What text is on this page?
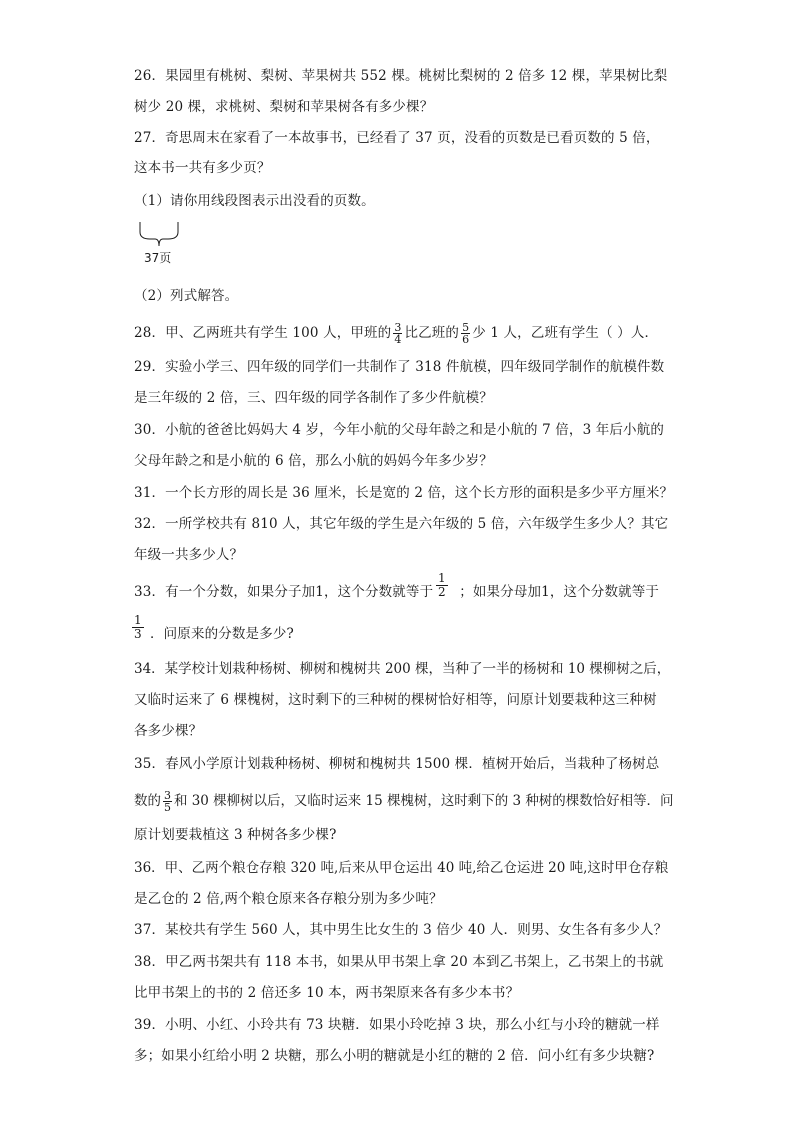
26．果园里有桃树、梨树、苹果树共 552 棵。桃树比梨树的 2 倍多 12 棵，苹果树比梨
树少 20 棵，求桃树、梨树和苹果树各有多少棵？
27．奇思周末在家看了一本故事书，已经看了 37 页，没看的页数是已看页数的 5 倍，
这本书一共有多少页？
（1）请你用线段图表示出没看的页数。
37页
（2）列式解答。
28．甲、乙两班共有学生 100 人，甲班的 $\frac{3}{4}$ 比乙班的 $\frac{5}{6}$ 少 1 人，乙班有学生（ ）人．
29．实验小学三、四年级的同学们一共制作了 318 件航模，四年级同学制作的航模件数
是三年级的 2 倍，三、四年级的同学各制作了多少件航模？
30．小航的爸爸比妈妈大 4 岁，今年小航的父母年龄之和是小航的 7 倍，3 年后小航的
父母年龄之和是小航的 6 倍，那么小航的妈妈今年多少岁？
31．一个长方形的周长是 36 厘米，长是宽的 2 倍，这个长方形的面积是多少平方厘米？
32．一所学校共有 810 人，其它年级的学生是六年级的 5 倍，六年级学生多少人？其它
年级一共多少人？
33．有一个分数，如果分子加1，这个分数就等于 ；如果分母加1，这个分数就等于
$\frac{1}{2}$
$\frac{1}{3}$ ．问原来的分数是多少?
34．某学校计划栽种杨树、柳树和槐树共 200 棵，当种了一半的杨树和 10 棵柳树之后，
又临时运来了 6 棵槐树，这时剩下的三种树的棵树恰好相等，问原计划要栽种这三种树
各多少棵？
35．春风小学原计划栽种杨树、柳树和槐树共 1500 棵．植树开始后，当栽种了杨树总
数的 $\frac{3}{5}$ 和 30 棵柳树以后，又临时运来 15 棵槐树，这时剩下的 3 种树的棵数恰好相等．问
原计划要栽植这 3 种树各多少棵?
36．甲、乙两个粮仓存粮 320 吨,后来从甲仓运出 40 吨,给乙仓运进 20 吨,这时甲仓存粮
是乙仓的 2 倍,两个粮仓原来各存粮分别为多少吨？
37．某校共有学生 560 人，其中男生比女生的 3 倍少 40 人．则男、女生各有多少人？
38．甲乙两书架共有 118 本书，如果从甲书架上拿 20 本到乙书架上，乙书架上的书就
比甲书架上的书的 2 倍还多 10 本，两书架原来各有多少本书？
39．小明、小红、小玲共有 73 块糖．如果小玲吃掉 3 块，那么小红与小玲的糖就一样
多；如果小红给小明 2 块糖，那么小明的糖就是小红的糖的 2 倍．问小红有多少块糖?
